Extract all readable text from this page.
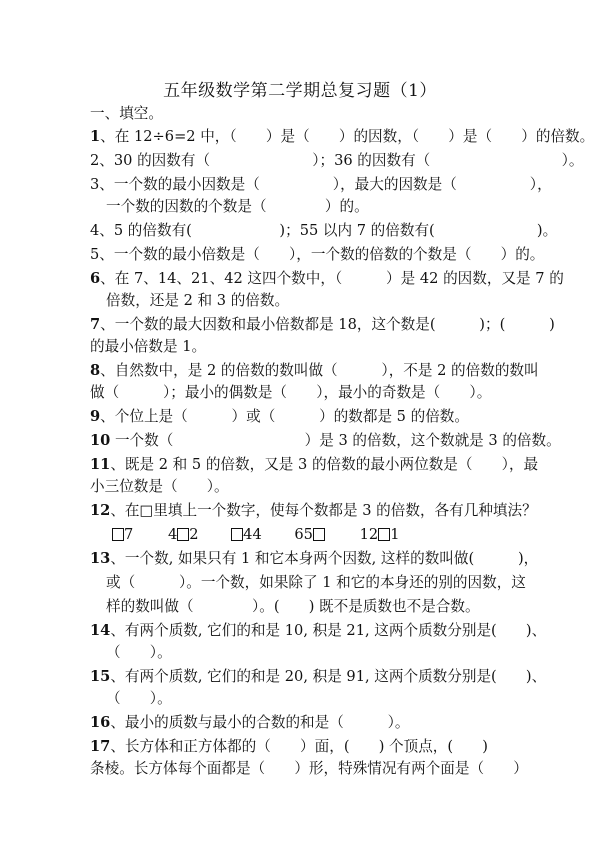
五年级数学第二学期总复习题（1）
一、填空。
1、在 12÷6=2 中，（　　）是（　　）的因数，（　　）是（　　）的倍数。
2、30 的因数有（　　　　　　　）；36 的因数有（　　　　　　　　　）。
3、一个数的最小因数是（　　　　　），最大的因数是（　　　　　），
一个数的因数的个数是（　　　　）的。
4、5 的倍数有(　　　　　　)；55 以内 7 的倍数有(　　　　　　　)。
5、一个数的最小倍数是（　　），一个数的倍数的个数是（　　）的。
6、在 7、14、21、42 这四个数中，（　　　）是 42 的因数，又是 7 的
倍数，还是 2 和 3 的倍数。
7、一个数的最大因数和最小倍数都是 18，这个数是(　　　)；(　　　)
的最小倍数是 1。
8、自然数中，是 2 的倍数的数叫做（　　　），不是 2 的倍数的数叫
做（　　　）；最小的偶数是（　　），最小的奇数是（　　）。
9、个位上是（　　　）或（　　　）的数都是 5 的倍数。
10 一个数（　　　　　　　　　）是 3 的倍数，这个数就是 3 的倍数。
11、既是 2 和 5 的倍数，又是 3 的倍数的最小两位数是（　　），最
小三位数是（　　）。
12、在□里填上一个数字，使每个数都是 3 的倍数，各有几种填法？
7 4 2	44 65	12 1
13、一个数, 如果只有 1 和它本身两个因数, 这样的数叫做(　　　)，
或（　　　）。一个数，如果除了 1 和它的本身还的别的因数，这
样的数叫做（　　　　）。(　　) 既不是质数也不是合数。
14、有两个质数, 它们的和是 10, 积是 21, 这两个质数分别是(　　)、
（　　）。
15、有两个质数, 它们的和是 20, 积是 91, 这两个质数分别是(　　)、
（　　）。
16、最小的质数与最小的合数的和是（　　　）。
17、长方体和正方体都的（　　）面，(　　) 个顶点，(　　)
条棱。长方体每个面都是（　　）形，特殊情况有两个面是（　　）
